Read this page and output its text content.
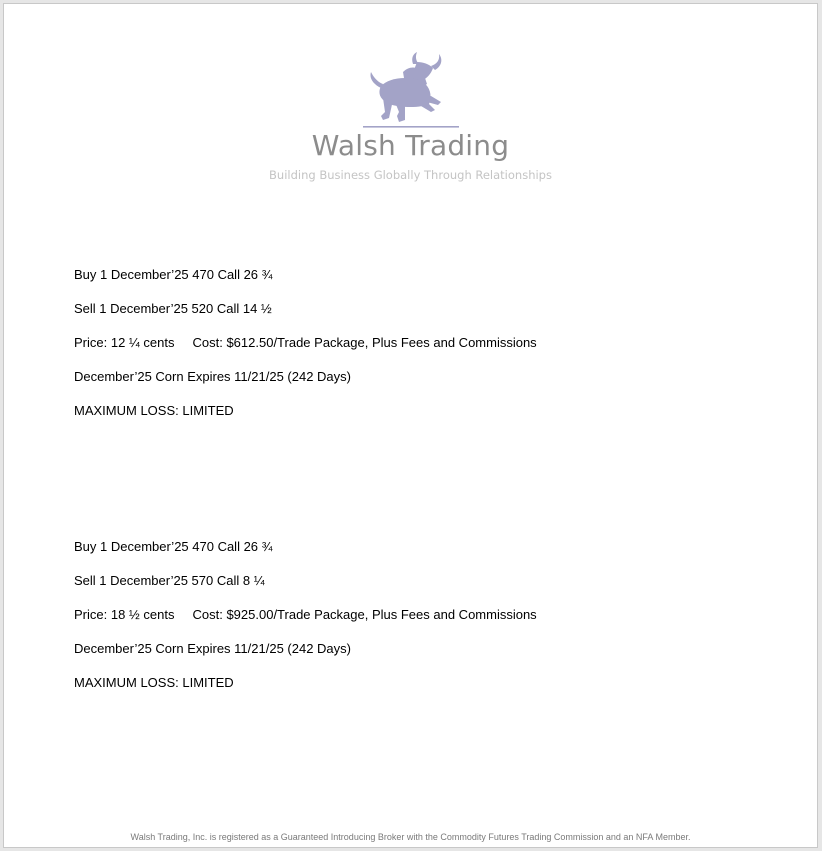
Walsh Trading
Building Business Globally Through Relationships
Buy 1 December’25 470 Call 26 ¾
Sell 1 December’25 520 Call 14 ½
Price: 12 ¼ cents     Cost: $612.50/Trade Package, Plus Fees and Commissions
December’25 Corn Expires 11/21/25 (242 Days)
MAXIMUM LOSS: LIMITED
Buy 1 December’25 470 Call 26 ¾
Sell 1 December’25 570 Call 8 ¼
Price: 18 ½ cents     Cost: $925.00/Trade Package, Plus Fees and Commissions
December’25 Corn Expires 11/21/25 (242 Days)
MAXIMUM LOSS: LIMITED
Walsh Trading, Inc. is registered as a Guaranteed Introducing Broker with the Commodity Futures Trading Commission and an NFA Member.
